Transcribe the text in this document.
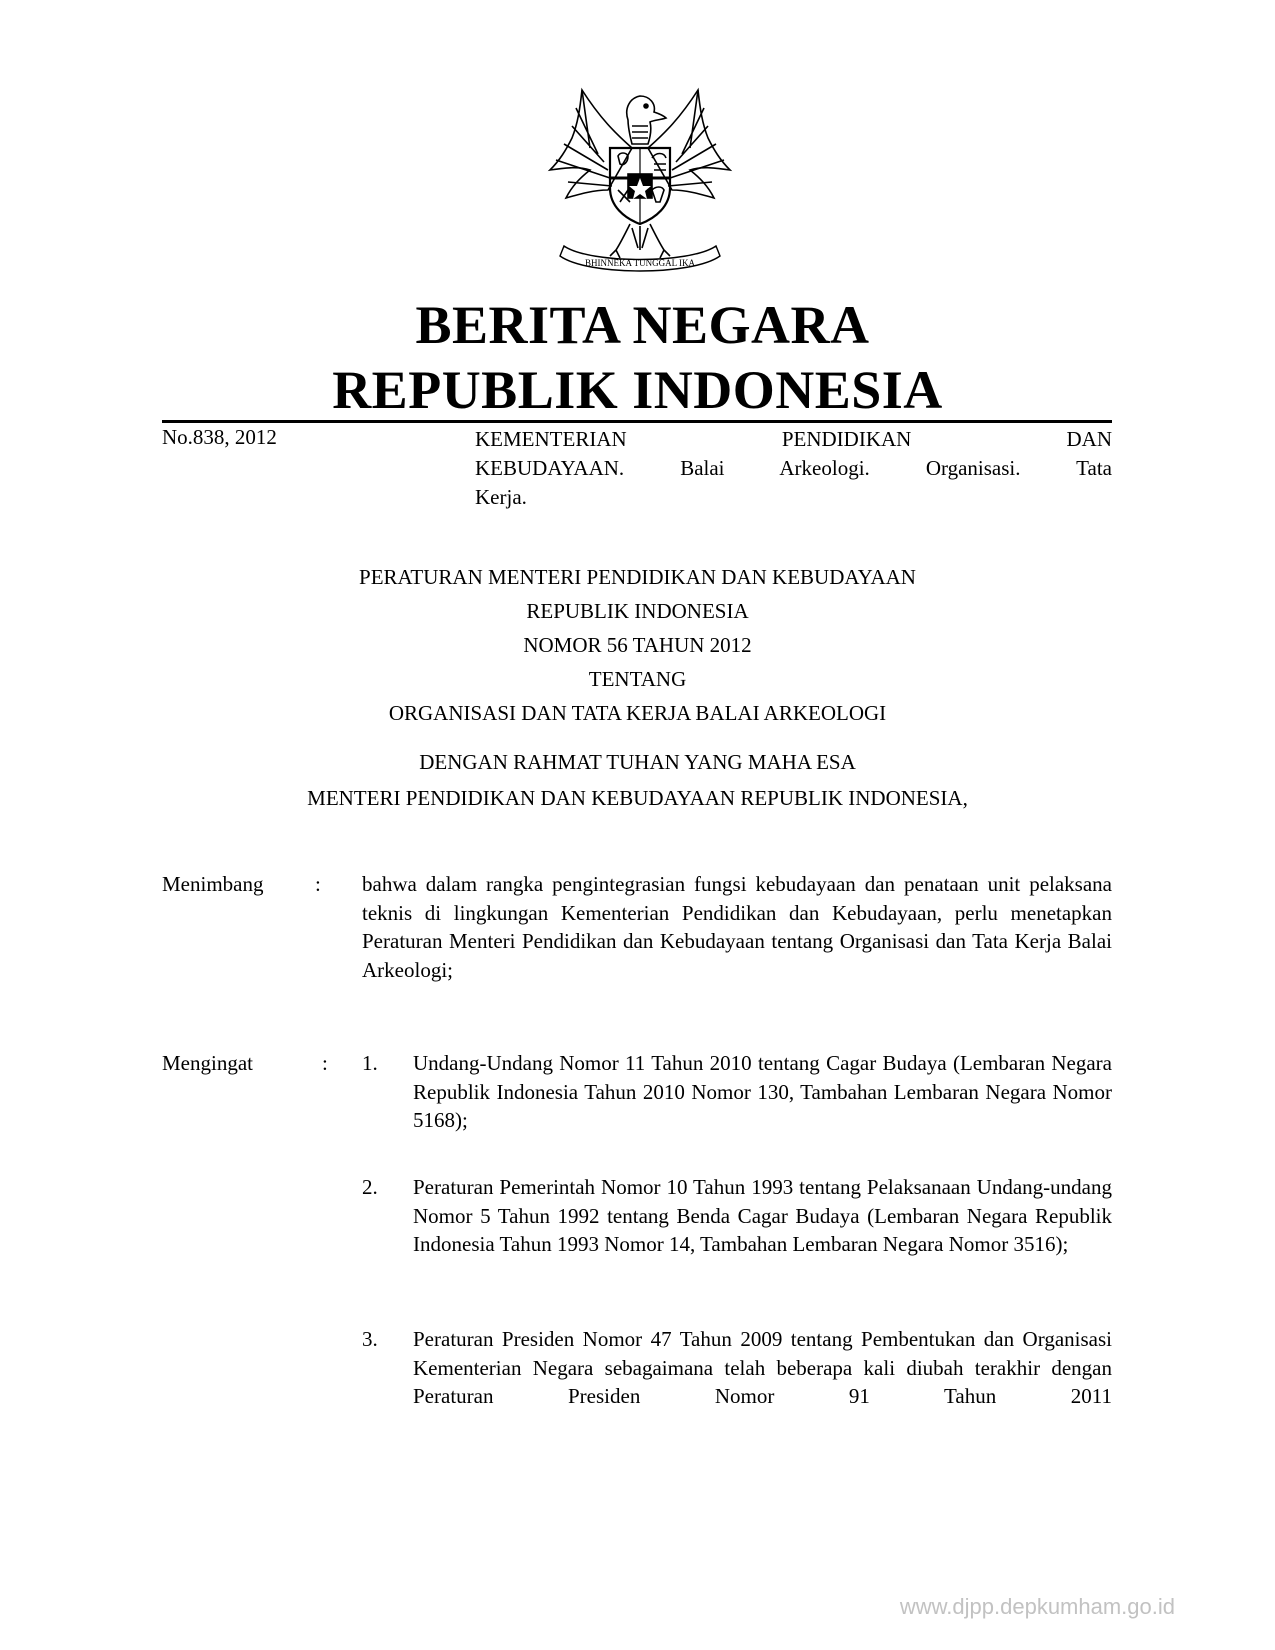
BHINNEKA TUNGGAL IKA
BERITA NEGARA
REPUBLIK INDONESIA
No.838, 2012	KEMENTERIAN	PENDIDIKAN	DAN
KEBUDAYAAN. Balai Arkeologi. Organisasi. Tata
Kerja.
PERATURAN MENTERI PENDIDIKAN DAN KEBUDAYAAN
REPUBLIK INDONESIA
NOMOR 56 TAHUN 2012
TENTANG
ORGANISASI DAN TATA KERJA BALAI ARKEOLOGI
DENGAN RAHMAT TUHAN YANG MAHA ESA
MENTERI PENDIDIKAN DAN KEBUDAYAAN REPUBLIK INDONESIA,
Menimbang	: bahwa dalam rangka pengintegrasian fungsi kebudayaan dan penataan unit pelaksana teknis di lingkungan Kementerian Pendidikan dan Kebudayaan, perlu menetapkan Peraturan Menteri Pendidikan dan Kebudayaan tentang Organisasi dan Tata Kerja Balai Arkeologi;
Mengingat	: 1. Undang-Undang Nomor 11 Tahun 2010 tentang Cagar Budaya (Lembaran Negara Republik Indonesia Tahun 2010 Nomor 130, Tambahan Lembaran Negara Nomor 5168);
2. Peraturan Pemerintah Nomor 10 Tahun 1993 tentang Pelaksanaan Undang-undang Nomor 5 Tahun 1992 tentang Benda Cagar Budaya (Lembaran Negara Republik Indonesia Tahun 1993 Nomor 14, Tambahan Lembaran Negara Nomor 3516);
3. Peraturan Presiden Nomor 47 Tahun 2009 tentang Pembentukan dan Organisasi Kementerian Negara sebagaimana telah beberapa kali diubah terakhir dengan Peraturan Presiden Nomor 91 Tahun 2011
www.djpp.depkumham.go.id
